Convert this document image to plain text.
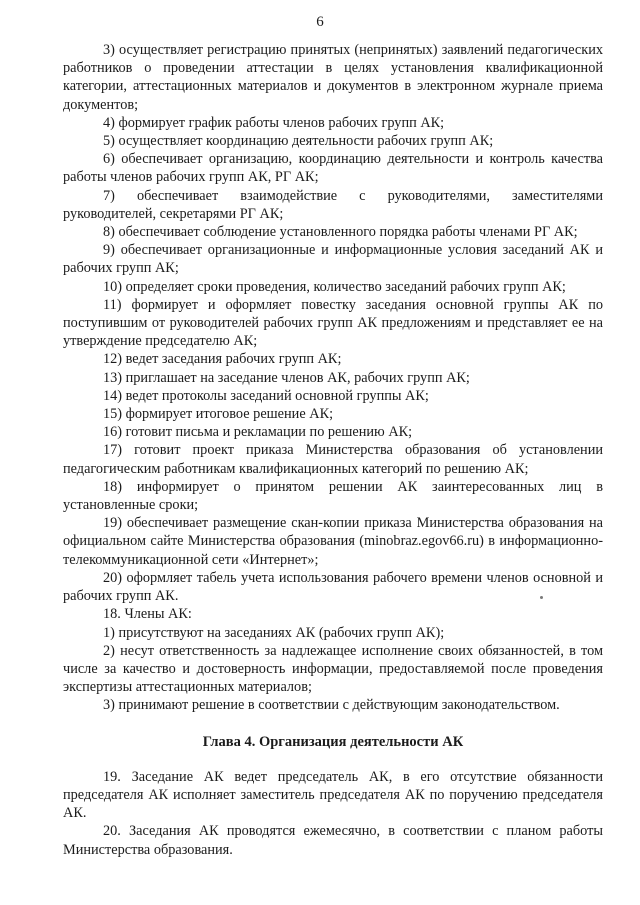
6

3) осуществляет регистрацию принятых (непринятых) заявлений педагогических работников о проведении аттестации в целях установления квалификационной категории, аттестационных материалов и документов в электронном журнале приема документов;

4) формирует график работы членов рабочих групп АК;

5) осуществляет координацию деятельности рабочих групп АК;

6) обеспечивает организацию, координацию деятельности и контроль качества работы членов рабочих групп АК, РГ АК;

7) обеспечивает взаимодействие с руководителями, заместителями руководителей, секретарями РГ АК;

8) обеспечивает соблюдение установленного порядка работы членами РГ АК;

9) обеспечивает организационные и информационные условия заседаний АК и рабочих групп АК;

10) определяет сроки проведения, количество заседаний рабочих групп АК;

11) формирует и оформляет повестку заседания основной группы АК по поступившим от руководителей рабочих групп АК предложениям и представляет ее на утверждение председателю АК;

12) ведет заседания рабочих групп АК;

13) приглашает на заседание членов АК, рабочих групп АК;

14) ведет протоколы заседаний основной группы АК;

15) формирует итоговое решение АК;

16) готовит письма и рекламации по решению АК;

17) готовит проект приказа Министерства образования об установлении педагогическим работникам квалификационных категорий по решению АК;

18) информирует о принятом решении АК заинтересованных лиц в установленные сроки;

19) обеспечивает размещение скан-копии приказа Министерства образования на официальном сайте Министерства образования (minobraz.egov66.ru) в информационно-телекоммуникационной сети «Интернет»;

20) оформляет табель учета использования рабочего времени членов основной и рабочих групп АК.

18. Члены АК:

1) присутствуют на заседаниях АК (рабочих групп АК);

2) несут ответственность за надлежащее исполнение своих обязанностей, в том числе за качество и достоверность информации, предоставляемой после проведения экспертизы аттестационных материалов;

3) принимают решение в соответствии с действующим законодательством.

Глава 4. Организация деятельности АК

19. Заседание АК ведет председатель АК, в его отсутствие обязанности председателя АК исполняет заместитель председателя АК по поручению председателя АК.

20. Заседания АК проводятся ежемесячно, в соответствии с планом работы Министерства образования.
